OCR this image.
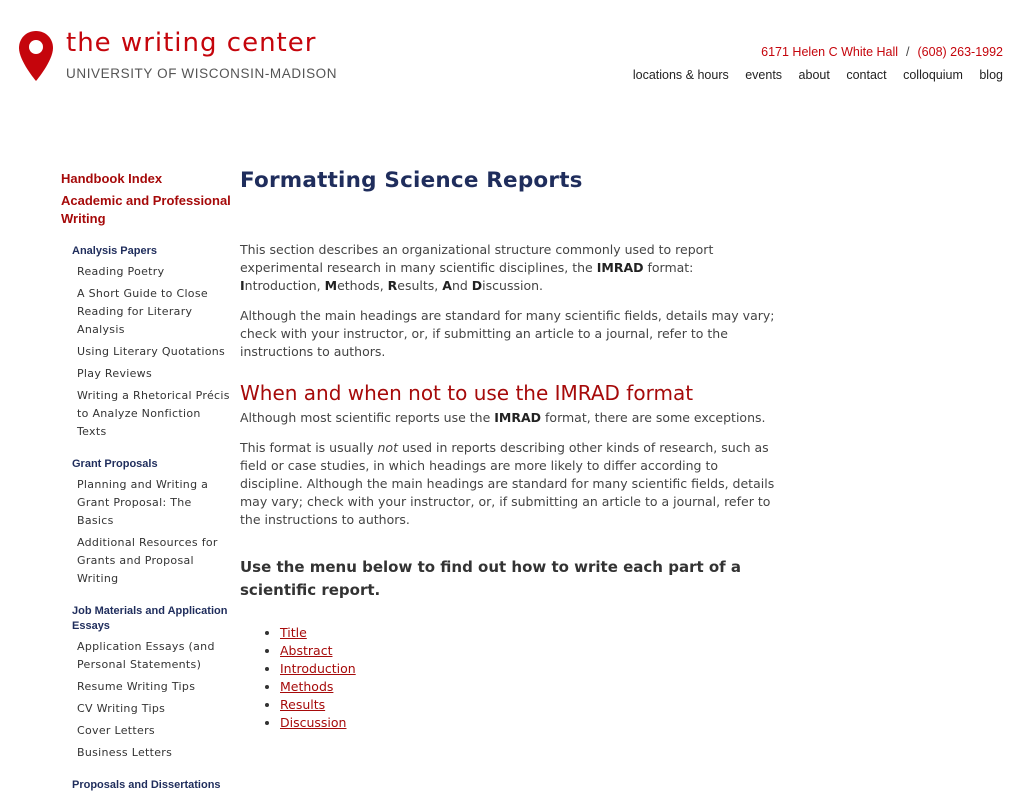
the writing center
UNIVERSITY OF WISCONSIN-MADISON
6171 Helen C White Hall / (608) 263-1992
locations & hours events about contact colloquium blog
Handbook Index
Academic and Professional Writing
Analysis Papers
Reading Poetry
A Short Guide to Close Reading for Literary Analysis
Using Literary Quotations
Play Reviews
Writing a Rhetorical Précis to Analyze Nonfiction Texts
Grant Proposals
Planning and Writing a Grant Proposal: The Basics
Additional Resources for Grants and Proposal Writing
Job Materials and Application Essays
Application Essays (and Personal Statements)
Resume Writing Tips
CV Writing Tips
Cover Letters
Business Letters
Proposals and Dissertations
Formatting Science Reports

This section describes an organizational structure commonly used to report experimental research in many scientific disciplines, the IMRAD format:
Introduction, Methods, Results, And Discussion.

Although the main headings are standard for many scientific fields, details may vary; check with your instructor, or, if submitting an article to a journal, refer to the instructions to authors.

When and when not to use the IMRAD format

Although most scientific reports use the IMRAD format, there are some exceptions.

This format is usually not used in reports describing other kinds of research, such as field or case studies, in which headings are more likely to differ according to discipline. Although the main headings are standard for many scientific fields, details may vary; check with your instructor, or, if submitting an article to a journal, refer to the instructions to authors.

Use the menu below to find out how to write each part of a scientific report.
• Title
• Abstract
• Introduction
• Methods
• Results
• Discussion
